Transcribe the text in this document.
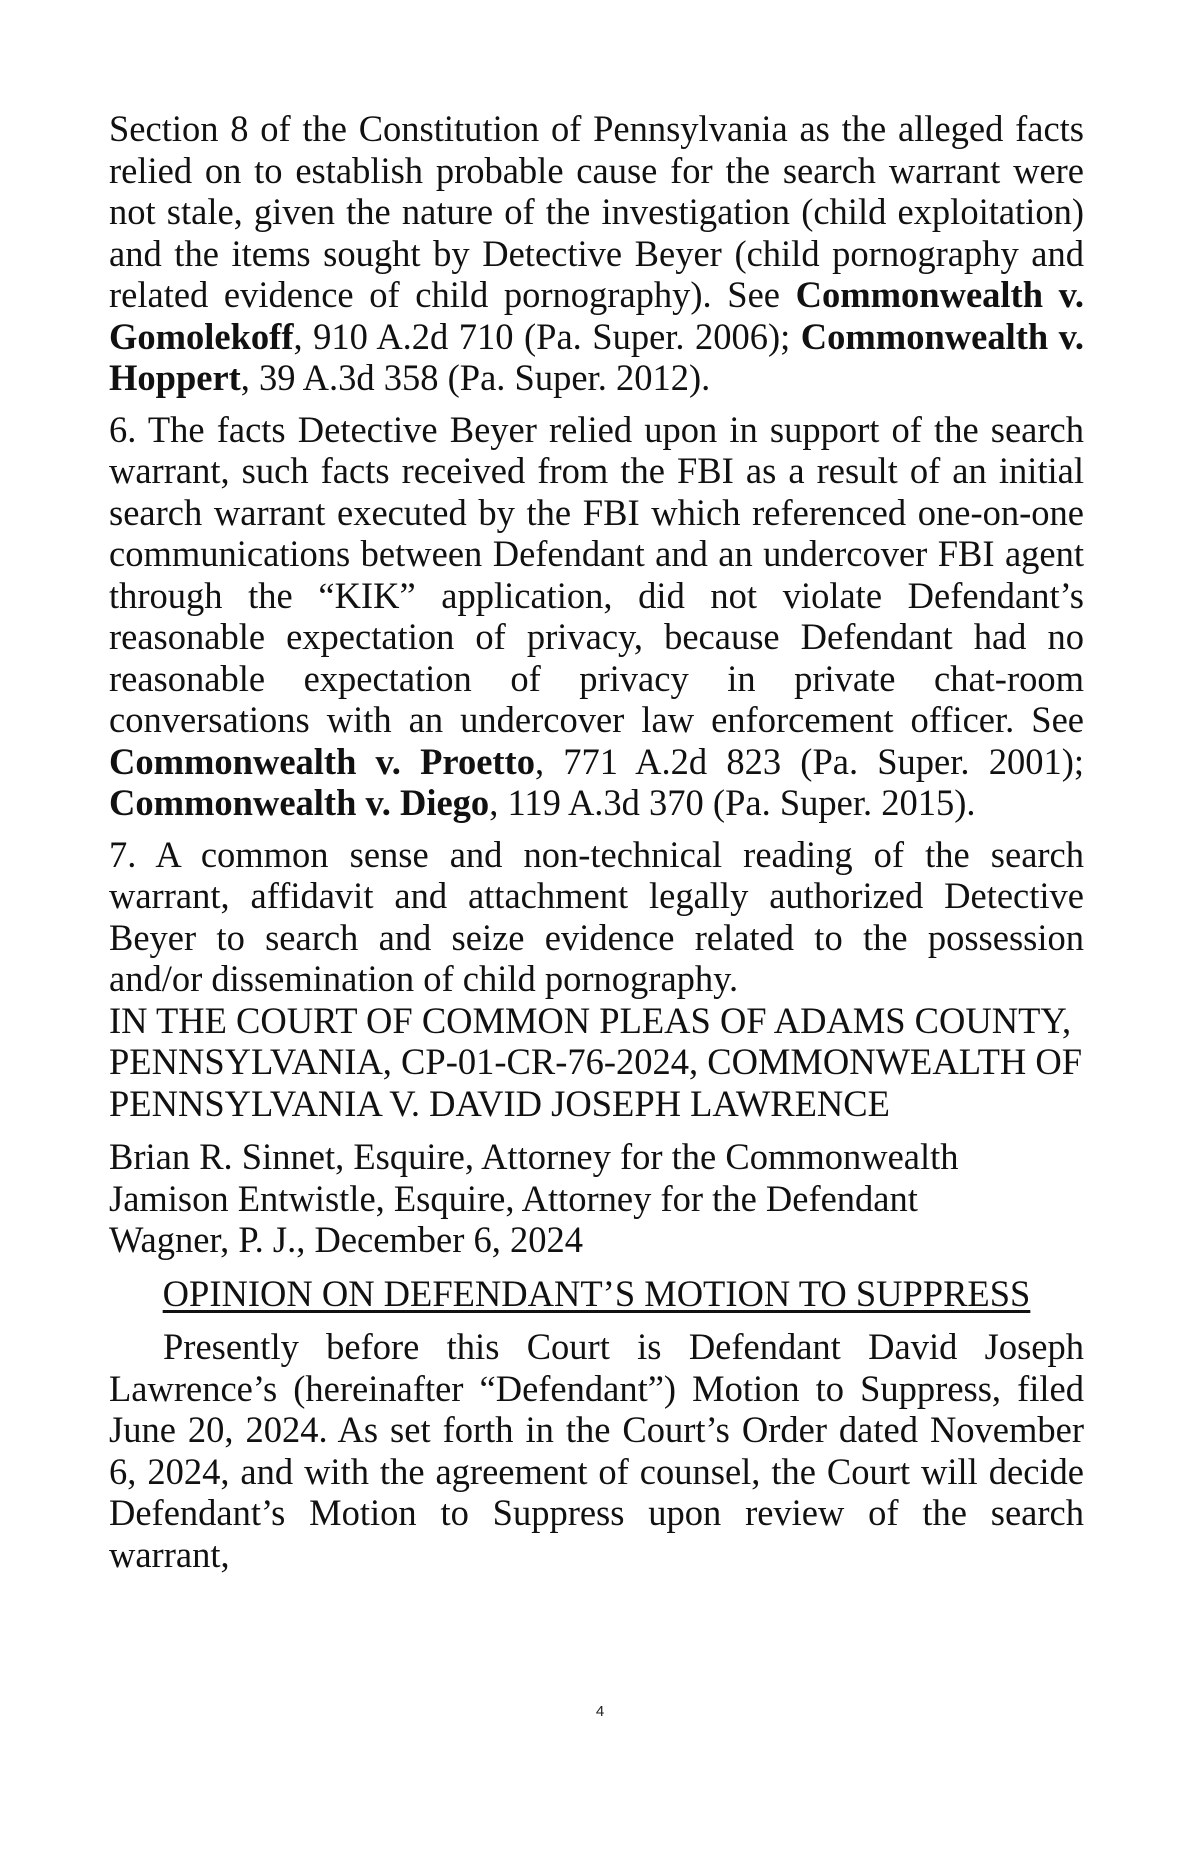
Section 8 of the Constitution of Pennsylvania as the alleged facts relied on to establish probable cause for the search warrant were not stale, given the nature of the investigation (child exploitation) and the items sought by Detective Beyer (child pornography and related evidence of child pornography). See Commonwealth v. Gomolekoff, 910 A.2d 710 (Pa. Super. 2006); Commonwealth v. Hoppert, 39 A.3d 358 (Pa. Super. 2012).

6. The facts Detective Beyer relied upon in support of the search warrant, such facts received from the FBI as a result of an initial search warrant executed by the FBI which referenced one-on-one communications between Defendant and an undercover FBI agent through the “KIK” application, did not violate Defendant’s reasonable expectation of privacy, because Defendant had no reasonable expectation of privacy in private chat-room conversations with an undercover law enforcement officer. See Commonwealth v. Proetto, 771 A.2d 823 (Pa. Super. 2001); Commonwealth v. Diego, 119 A.3d 370 (Pa. Super. 2015).

7. A common sense and non-technical reading of the search warrant, affidavit and attachment legally authorized Detective Beyer to search and seize evidence related to the possession and/or dissemination of child pornography.

IN THE COURT OF COMMON PLEAS OF ADAMS COUNTY, PENNSYLVANIA, CP-01-CR-76-2024, COMMONWEALTH OF PENNSYLVANIA V. DAVID JOSEPH LAWRENCE

Brian R. Sinnet, Esquire, Attorney for the Commonwealth
Jamison Entwistle, Esquire, Attorney for the Defendant
Wagner, P. J., December 6, 2024

OPINION ON DEFENDANT’S MOTION TO SUPPRESS

Presently before this Court is Defendant David Joseph Lawrence’s (hereinafter “Defendant”) Motion to Suppress, filed June 20, 2024. As set forth in the Court’s Order dated November 6, 2024, and with the agreement of counsel, the Court will decide Defendant’s Motion to Suppress upon review of the search warrant,

4
